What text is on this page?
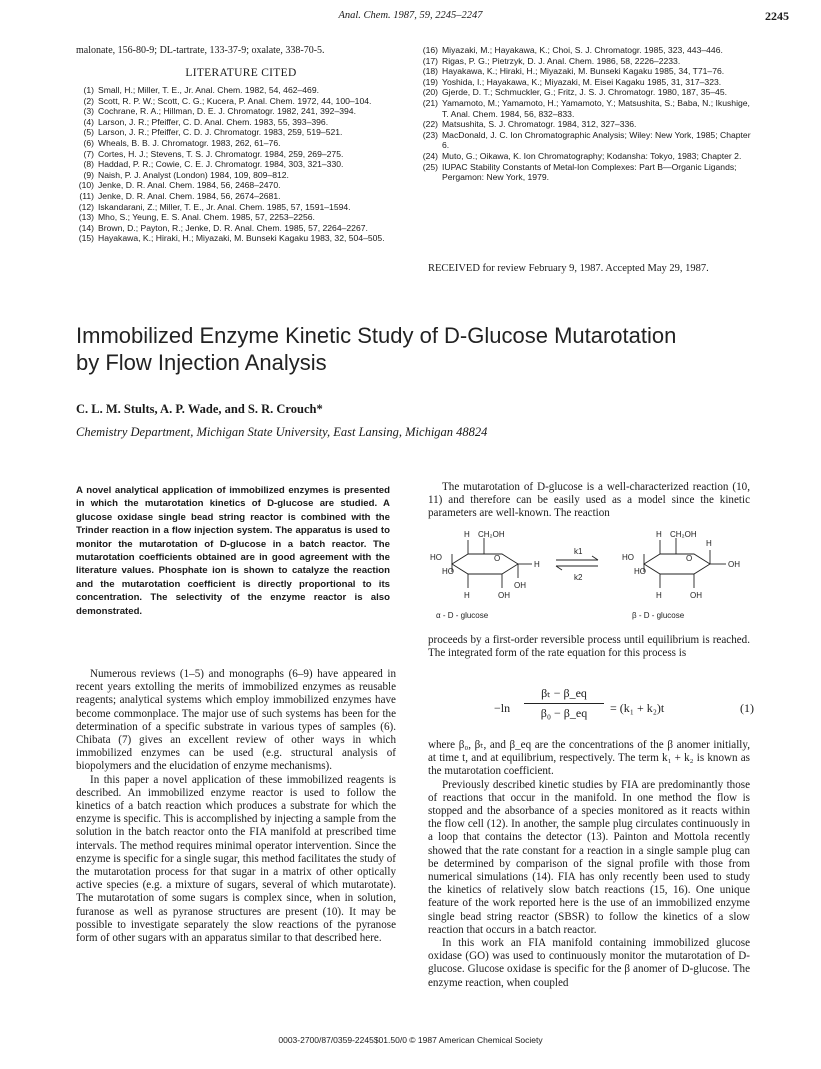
Anal. Chem. 1987, 59, 2245–2247	2245
malonate, 156-80-9; DL-tartrate, 133-37-9; oxalate, 338-70-5.
LITERATURE CITED
(1) Small, H.; Miller, T. E., Jr. Anal. Chem. 1982, 54, 462–469.
(2) Scott, R. P. W.; Scott, C. G.; Kucera, P. Anal. Chem. 1972, 44, 100–104.
(3) Cochrane, R. A.; Hillman, D. E. J. Chromatogr. 1982, 241, 392–394.
(4) Larson, J. R.; Pfeiffer, C. D. Anal. Chem. 1983, 55, 393–396.
(5) Larson, J. R.; Pfeiffer, C. D. J. Chromatogr. 1983, 259, 519–521.
(6) Wheals, B. B. J. Chromatogr. 1983, 262, 61–76.
(7) Cortes, H. J.; Stevens, T. S. J. Chromatogr. 1984, 259, 269–275.
(8) Haddad, P. R.; Cowie, C. E. J. Chromatogr. 1984, 303, 321–330.
(9) Naish, P. J. Analyst (London) 1984, 109, 809–812.
(10) Jenke, D. R. Anal. Chem. 1984, 56, 2468–2470.
(11) Jenke, D. R. Anal. Chem. 1984, 56, 2674–2681.
(12) Iskandarani, Z.; Miller, T. E., Jr. Anal. Chem. 1985, 57, 1591–1594.
(13) Mho, S.; Yeung, E. S. Anal. Chem. 1985, 57, 2253–2256.
(14) Brown, D.; Payton, R.; Jenke, D. R. Anal. Chem. 1985, 57, 2264–2267.
(15) Hayakawa, K.; Hiraki, H.; Miyazaki, M. Bunseki Kagaku 1983, 32, 504–505.
(16) Miyazaki, M.; Hayakawa, K.; Choi, S. J. Chromatogr. 1985, 323, 443–446.
(17) Rigas, P. G.; Pietrzyk, D. J. Anal. Chem. 1986, 58, 2226–2233.
(18) Hayakawa, K.; Hiraki, H.; Miyazaki, M. Bunseki Kagaku 1985, 34, T71–76.
(19) Yoshida, I.; Hayakawa, K.; Miyazaki, M. Eisei Kagaku 1985, 31, 317–323.
(20) Gjerde, D. T.; Schmuckler, G.; Fritz, J. S. J. Chromatogr. 1980, 187, 35–45.
(21) Yamamoto, M.; Yamamoto, H.; Yamamoto, Y.; Matsushita, S.; Baba, N.; Ikushige, T. Anal. Chem. 1984, 56, 832–833.
(22) Matsushita, S. J. Chromatogr. 1984, 312, 327–336.
(23) MacDonald, J. C. Ion Chromatographic Analysis; Wiley: New York, 1985; Chapter 6.
(24) Muto, G.; Oikawa, K. Ion Chromatography; Kodansha: Tokyo, 1983; Chapter 2.
(25) IUPAC Stability Constants of Metal-Ion Complexes: Part B—Organic Ligands; Pergamon: New York, 1979.
RECEIVED for review February 9, 1987. Accepted May 29, 1987.
Immobilized Enzyme Kinetic Study of D-Glucose Mutarotation
by Flow Injection Analysis
C. L. M. Stults, A. P. Wade, and S. R. Crouch*
Chemistry Department, Michigan State University, East Lansing, Michigan 48824
A novel analytical application of immobilized enzymes is presented in which the mutarotation kinetics of D-glucose are studied. A glucose oxidase single bead string reactor is combined with the Trinder reaction in a flow injection system. The apparatus is used to monitor the mutarotation of D-glucose in a batch reactor. The mutarotation coefficients obtained are in good agreement with the literature values. Phosphate ion is shown to catalyze the reaction and the mutarotation coefficient is directly proportional to its concentration. The selectivity of the enzyme reactor is also demonstrated.

Numerous reviews (1–5) and monographs (6–9) have appeared in recent years extolling the merits of immobilized enzymes as reusable reagents; analytical systems which employ immobilized enzymes have become commonplace. The major use of such systems has been for the determination of a specific substrate in various types of samples (6). Chibata (7) gives an excellent review of other ways in which immobilized enzymes can be used (e.g. structural analysis of biopolymers and the elucidation of enzyme mechanisms).

In this paper a novel application of these immobilized reagents is described. An immobilized enzyme reactor is used to follow the kinetics of a batch reaction which produces a substrate for which the enzyme is specific. This is accomplished by injecting a sample from the solution in the batch reactor onto the FIA manifold at prescribed time intervals. The method requires minimal operator intervention. Since the enzyme is specific for a single sugar, this method facilitates the study of the mutarotation process for that sugar in a matrix of other optically active species (e.g. a mixture of sugars, several of which mutarotate). The mutarotation of some sugars is complex since, when in solution, furanose as well as pyranose structures are present (10). It may be possible to investigate separately the slow reactions of the pyranose form of other sugars with an apparatus similar to that described here.

The mutarotation of D-glucose is a well-characterized reaction (10, 11) and therefore can be easily used as a model since the kinetic parameters are well-known. The reaction

H CH₂OH
HO
HO
O
H	OH
H
OH
k1
k2
H CH₂OH
HO
HO
O
H	OH
OH
H
α - D - glucose	β - D - glucose

proceeds by a first-order reversible process until equilibrium is reached. The integrated form of the rate equation for this process is

$-\ln \frac{\text{βₜ − β\_eq}}{\text{β₀ − β\_eq}} = (k_1 + k_2)t$	(1)

where β₀, βₜ, and β_eq are the concentrations of the β anomer initially, at time t, and at equilibrium, respectively. The term k₁ + k₂ is known as the mutarotation coefficient.

Previously described kinetic studies by FIA are predominantly those of reactions that occur in the manifold. In one method the flow is stopped and the absorbance of a species monitored as it reacts within the flow cell (12). In another, the sample plug circulates continuously in a loop that contains the detector (13). Painton and Mottola recently showed that the rate constant for a reaction in a single sample plug can be determined by comparison of the signal profile with those from numerical simulations (14). FIA has only recently been used to study the kinetics of relatively slow batch reactions (15, 16). One unique feature of the work reported here is the use of an immobilized enzyme single bead string reactor (SBSR) to follow the kinetics of a slow reaction that occurs in a batch reactor.

In this work an FIA manifold containing immobilized glucose oxidase (GO) was used to continuously monitor the mutarotation of D-glucose. Glucose oxidase is specific for the β anomer of D-glucose. The enzyme reaction, when coupled

0003-2700/87/0359-2245$01.50/0 © 1987 American Chemical Society
